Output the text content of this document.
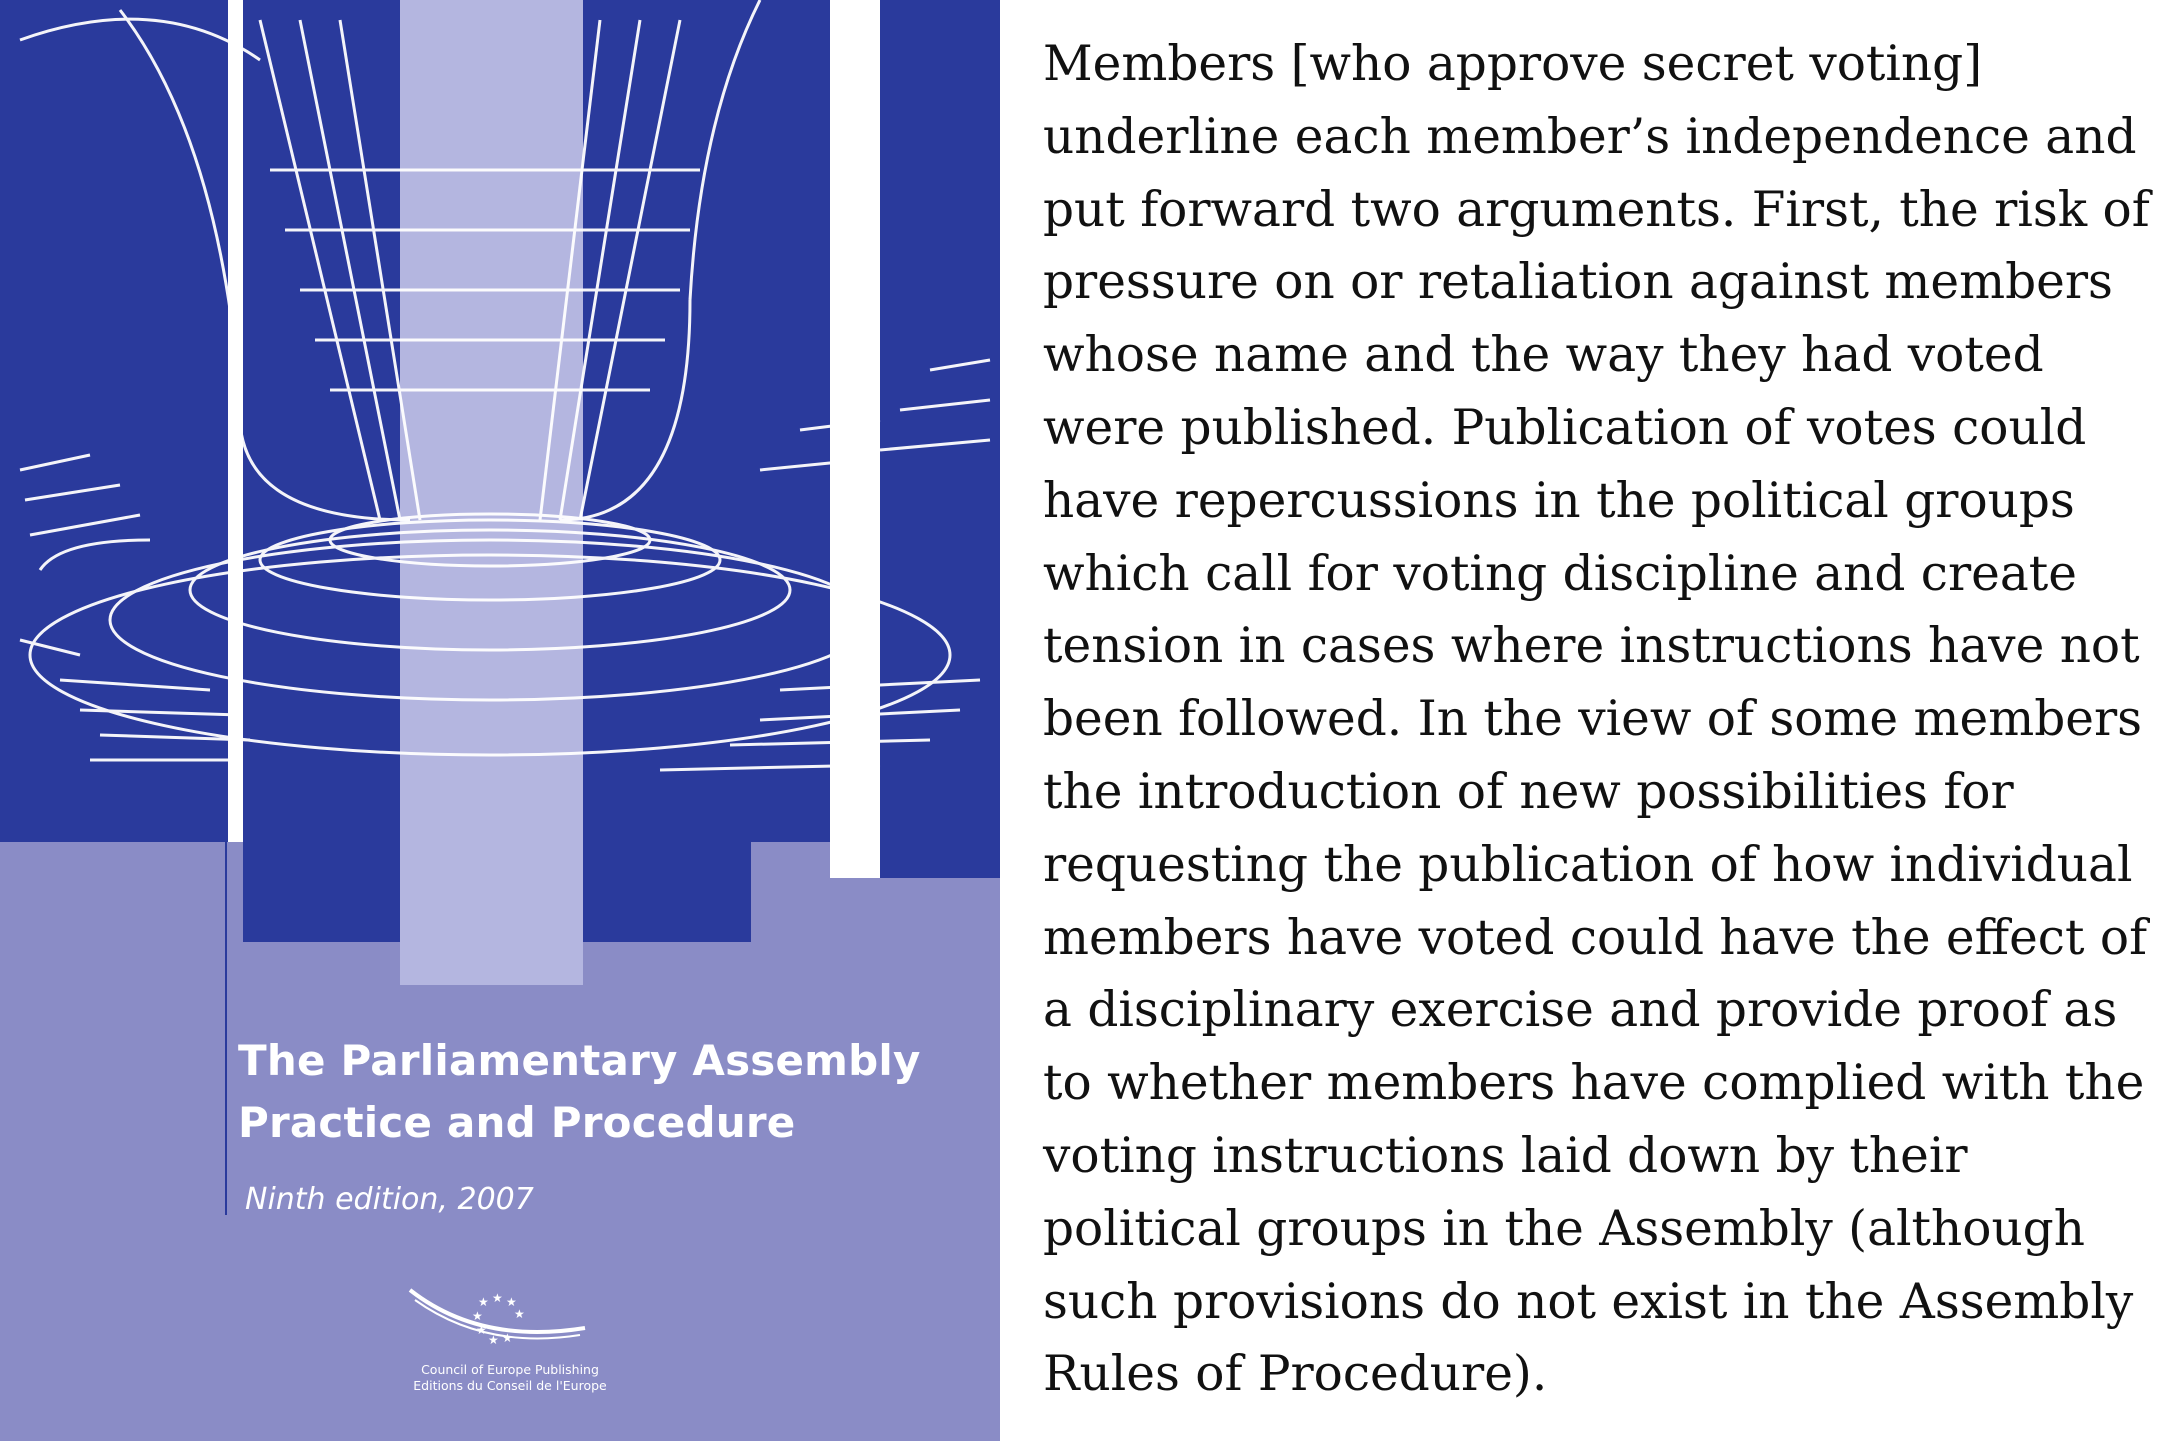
★ ★ ★
★
★
★
★ ★
The Parliamentary Assembly
Practice and Procedure
Ninth edition, 2007
Council of Europe Publishing
Editions du Conseil de l'Europe
Members [who approve secret voting]
underline each member’s independence and
put forward two arguments. First, the risk of
pressure on or retaliation against members
whose name and the way they had voted
were published. Publication of votes could
have repercussions in the political groups
which call for voting discipline and create
tension in cases where instructions have not
been followed. In the view of some members
the introduction of new possibilities for
requesting the publication of how individual
members have voted could have the effect of
a disciplinary exercise and provide proof as
to whether members have complied with the
voting instructions laid down by their
political groups in the Assembly (although
such provisions do not exist in the Assembly
Rules of Procedure).
